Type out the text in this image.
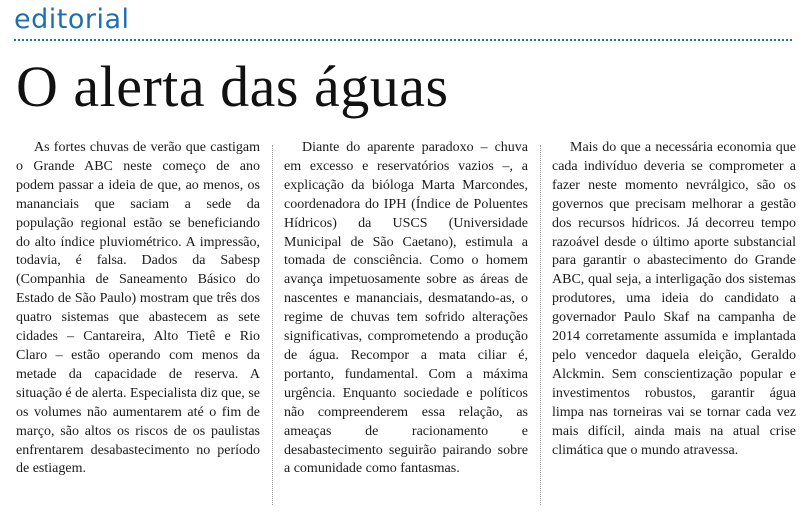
editorial
O alerta das águas

As fortes chuvas de verão que castigam o Grande ABC neste começo de ano podem passar a ideia de que, ao menos, os mananciais que saciam a sede da população regional estão se beneficiando do alto índice pluviométrico. A impressão, todavia, é falsa. Dados da Sabesp (Companhia de Saneamento Básico do Estado de São Paulo) mostram que três dos quatro sistemas que abastecem as sete cidades – Cantareira, Alto Tietê e Rio Claro – estão operando com menos da metade da capacidade de reserva. A situação é de alerta. Especialista diz que, se os volumes não aumentarem até o fim de março, são altos os riscos de os paulistas enfrentarem desabastecimento no período de estiagem.

Diante do aparente paradoxo – chuva em excesso e reservatórios vazios –, a explicação da bióloga Marta Marcondes, coordenadora do IPH (Índice de Poluentes Hídricos) da USCS (Universidade Municipal de São Caetano), estimula a tomada de consciência. Como o homem avança impetuosamente sobre as áreas de nascentes e mananciais, desmatando-as, o regime de chuvas tem sofrido alterações significativas, comprometendo a produção de água. Recompor a mata ciliar é, portanto, fundamental. Com a máxima urgência. Enquanto sociedade e políticos não compreenderem essa relação, as ameaças de racionamento e desabastecimento seguirão pairando sobre a comunidade como fantasmas.

Mais do que a necessária economia que cada indivíduo deveria se comprometer a fazer neste momento nevrálgico, são os governos que precisam melhorar a gestão dos recursos hídricos. Já decorreu tempo razoável desde o último aporte substancial para garantir o abastecimento do Grande ABC, qual seja, a interligação dos sistemas produtores, uma ideia do candidato a governador Paulo Skaf na campanha de 2014 corretamente assumida e implantada pelo vencedor daquela eleição, Geraldo Alckmin. Sem conscientização popular e investimentos robustos, garantir água limpa nas torneiras vai se tornar cada vez mais difícil, ainda mais na atual crise climática que o mundo atravessa.
